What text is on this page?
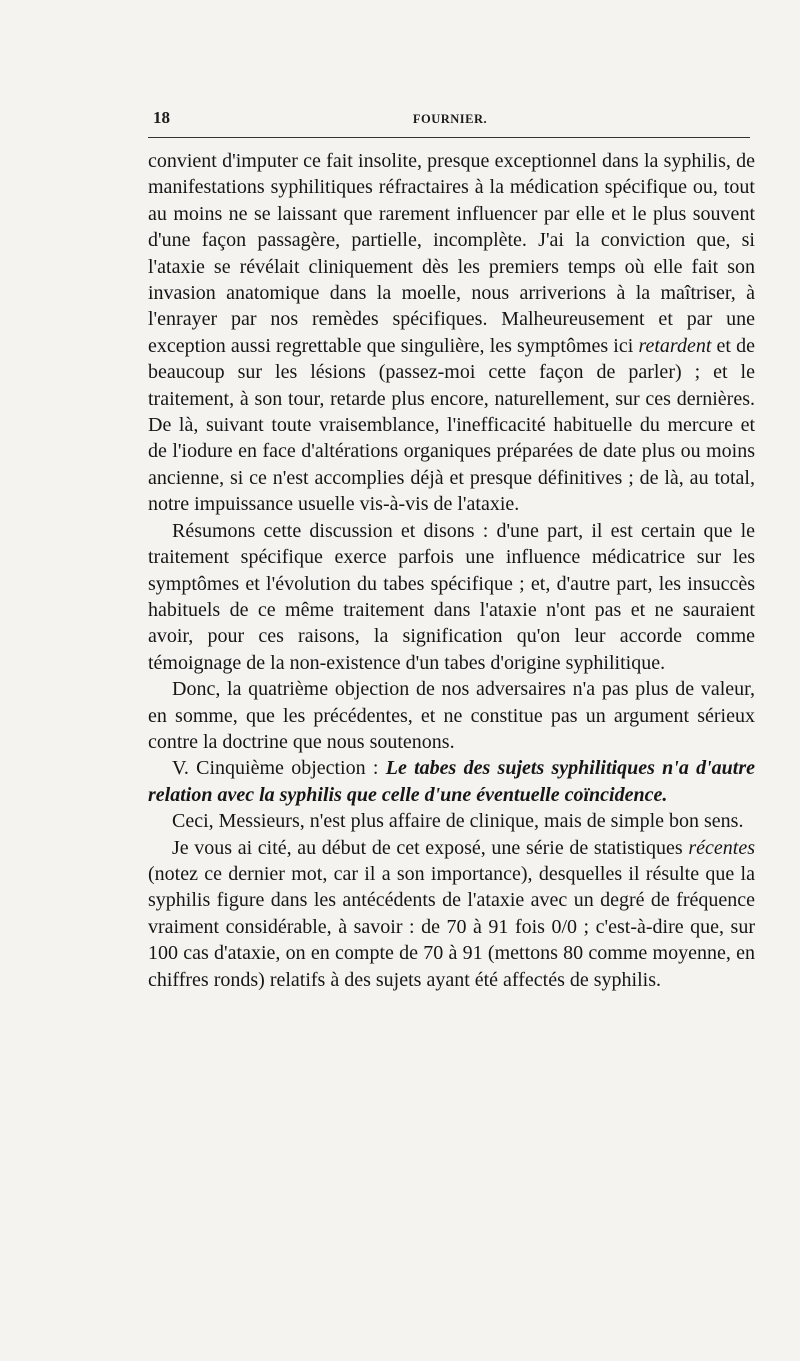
18	FOURNIER.

convient d'imputer ce fait insolite, presque exceptionnel dans la syphilis, de manifestations syphilitiques réfractaires à la médication spécifique ou, tout au moins ne se laissant que rarement influencer par elle et le plus souvent d'une façon passagère, partielle, incomplète. J'ai la conviction que, si l'ataxie se révélait cliniquement dès les premiers temps où elle fait son invasion anatomique dans la moelle, nous arriverions à la maîtriser, à l'enrayer par nos remèdes spécifiques. Malheureusement et par une exception aussi regrettable que singulière, les symptômes ici retardent et de beaucoup sur les lésions (passez-moi cette façon de parler) ; et le traitement, à son tour, retarde plus encore, naturellement, sur ces dernières. De là, suivant toute vraisemblance, l'inefficacité habituelle du mercure et de l'iodure en face d'altérations organiques préparées de date plus ou moins ancienne, si ce n'est accomplies déjà et presque définitives ; de là, au total, notre impuissance usuelle vis-à-vis de l'ataxie.

Résumons cette discussion et disons : d'une part, il est certain que le traitement spécifique exerce parfois une influence médicatrice sur les symptômes et l'évolution du tabes spécifique ; et, d'autre part, les insuccès habituels de ce même traitement dans l'ataxie n'ont pas et ne sauraient avoir, pour ces raisons, la signification qu'on leur accorde comme témoignage de la non-existence d'un tabes d'origine syphilitique.

Donc, la quatrième objection de nos adversaires n'a pas plus de valeur, en somme, que les précédentes, et ne constitue pas un argument sérieux contre la doctrine que nous soutenons.

V. Cinquième objection : Le tabes des sujets syphilitiques n'a d'autre relation avec la syphilis que celle d'une éventuelle coïncidence.

Ceci, Messieurs, n'est plus affaire de clinique, mais de simple bon sens.

Je vous ai cité, au début de cet exposé, une série de statistiques récentes (notez ce dernier mot, car il a son importance), desquelles il résulte que la syphilis figure dans les antécédents de l'ataxie avec un degré de fréquence vraiment considérable, à savoir : de 70 à 91 fois 0/0 ; c'est-à-dire que, sur 100 cas d'ataxie, on en compte de 70 à 91 (mettons 80 comme moyenne, en chiffres ronds) relatifs à des sujets ayant été affectés de syphilis.
